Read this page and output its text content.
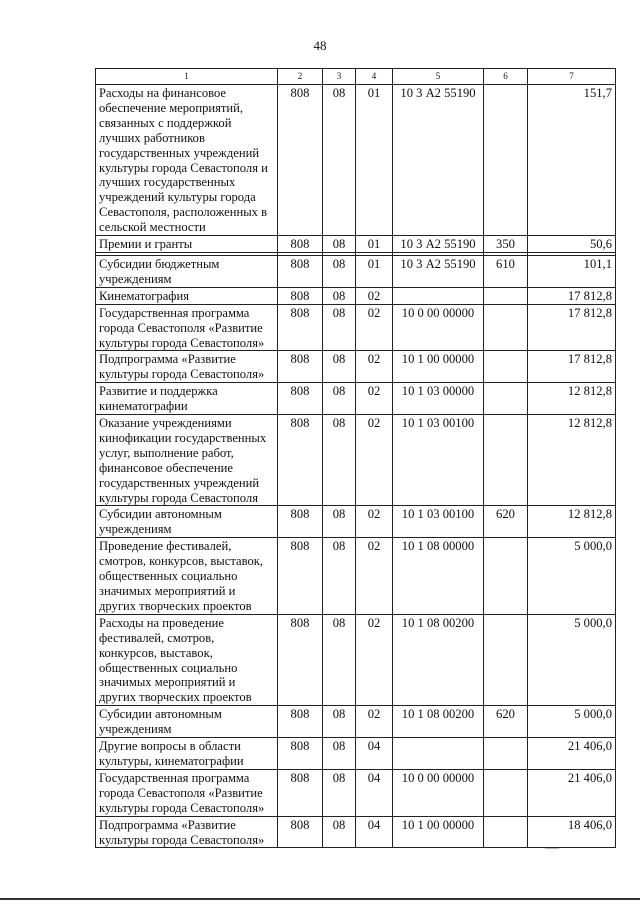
48
1	2	3	4	5	6	7
Расходы на финансовое обеспечение мероприятий, связанных с поддержкой лучших работников государственных учреждений культуры города Севастополя и лучших государственных учреждений культуры города Севастополя, расположенных в сельской местности	808	08	01	10 3 А2 55190		151,7
Премии и гранты	808	08	01	10 3 А2 55190	350	50,6

Субсидии бюджетным учреждениям	808	08	01	10 3 А2 55190	610	101,1
Кинематография	808	08	02			17 812,8
Государственная программа города Севастополя «Развитие культуры города Севастополя»	808	08	02	10 0 00 00000		17 812,8
Подпрограмма «Развитие культуры города Севастополя»	808	08	02	10 1 00 00000		17 812,8
Развитие и поддержка кинематографии	808	08	02	10 1 03 00000		12 812,8
Оказание учреждениями кинофикации государственных услуг, выполнение работ, финансовое обеспечение государственных учреждений культуры города Севастополя	808	08	02	10 1 03 00100		12 812,8
Субсидии автономным учреждениям	808	08	02	10 1 03 00100	620	12 812,8
Проведение фестивалей, смотров, конкурсов, выставок, общественных социально значимых мероприятий и других творческих проектов	808	08	02	10 1 08 00000		5 000,0
Расходы на проведение фестивалей, смотров, конкурсов, выставок, общественных социально значимых мероприятий и других творческих проектов	808	08	02	10 1 08 00200		5 000,0
Субсидии автономным учреждениям	808	08	02	10 1 08 00200	620	5 000,0
Другие вопросы в области культуры, кинематографии	808	08	04			21 406,0
Государственная программа города Севастополя «Развитие культуры города Севастополя»	808	08	04	10 0 00 00000		21 406,0
Подпрограмма «Развитие культуры города Севастополя»	808	08	04	10 1 00 00000		18 406,0
